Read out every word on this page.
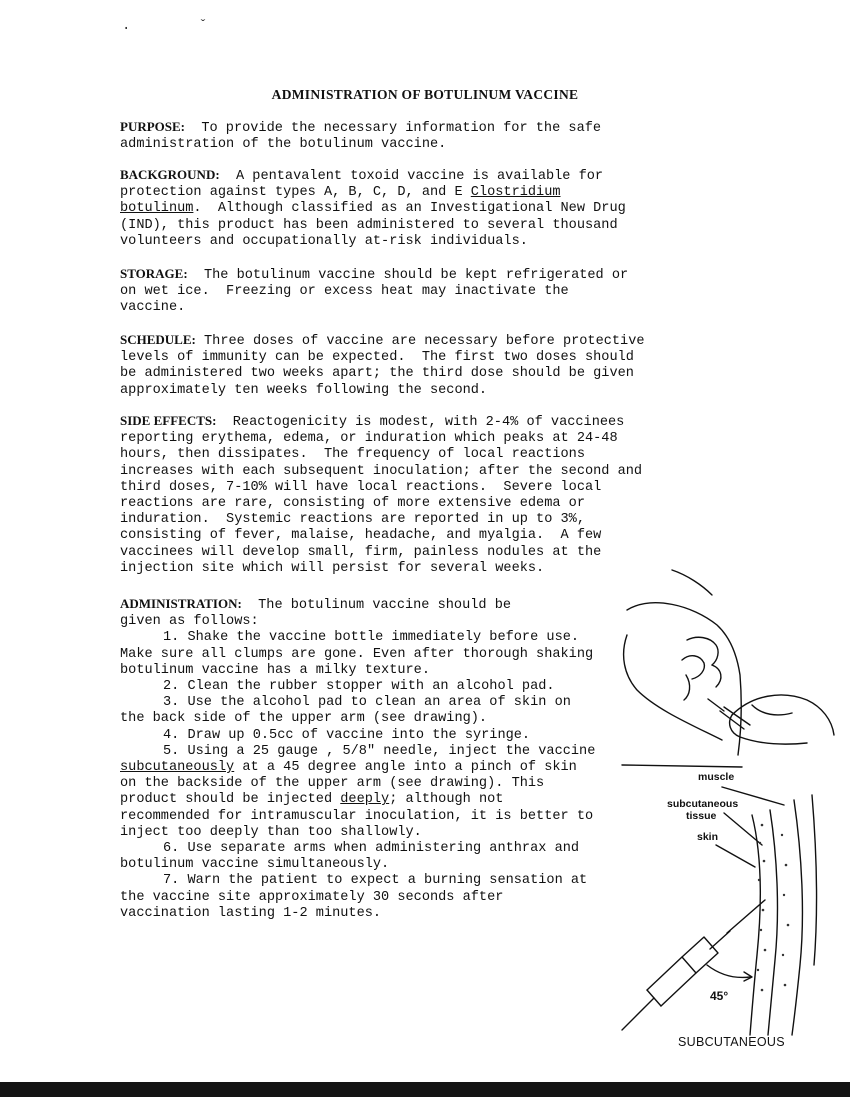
. ˇ
ADMINISTRATION OF BOTULINUM VACCINE

PURPOSE:  To provide the necessary information for the safe
administration of the botulinum vaccine.

BACKGROUND:  A pentavalent toxoid vaccine is available for
protection against types A, B, C, D, and E Clostridium
botulinum.  Although classified as an Investigational New Drug
(IND), this product has been administered to several thousand
volunteers and occupationally at-risk individuals.

STORAGE:  The botulinum vaccine should be kept refrigerated or
on wet ice.  Freezing or excess heat may inactivate the
vaccine.

SCHEDULE: Three doses of vaccine are necessary before protective
levels of immunity can be expected.  The first two doses should
be administered two weeks apart; the third dose should be given
approximately ten weeks following the second.

SIDE EFFECTS:  Reactogenicity is modest, with 2-4% of vaccinees
reporting erythema, edema, or induration which peaks at 24-48
hours, then dissipates.  The frequency of local reactions
increases with each subsequent inoculation; after the second and
third doses, 7-10% will have local reactions.  Severe local
reactions are rare, consisting of more extensive edema or
induration.  Systemic reactions are reported in up to 3%,
consisting of fever, malaise, headache, and myalgia.  A few
vaccinees will develop small, firm, painless nodules at the
injection site which will persist for several weeks.

ADMINISTRATION:  The botulinum vaccine should be
given as follows:

1. Shake the vaccine bottle immediately before use. Make sure all clumps are gone. Even after thorough shaking botulinum vaccine has a milky texture.

2. Clean the rubber stopper with an alcohol pad.

3. Use the alcohol pad to clean an area of skin on the back side of the upper arm (see drawing).

4. Draw up 0.5cc of vaccine into the syringe.

5. Using a 25 gauge , 5/8" needle, inject the vaccine subcutaneously at a 45 degree angle into a pinch of skin on the backside of the upper arm (see drawing). This product should be injected deeply; although not recommended for intramuscular inoculation, it is better to inject too deeply than too shallowly.

6. Use separate arms when administering anthrax and botulinum vaccine simultaneously.

7. Warn the patient to expect a burning sensation at the vaccine site approximately 30 seconds after vaccination lasting 1-2 minutes.

muscle
subcutaneous
tissue
skin
45°
SUBCUTANEOUS
